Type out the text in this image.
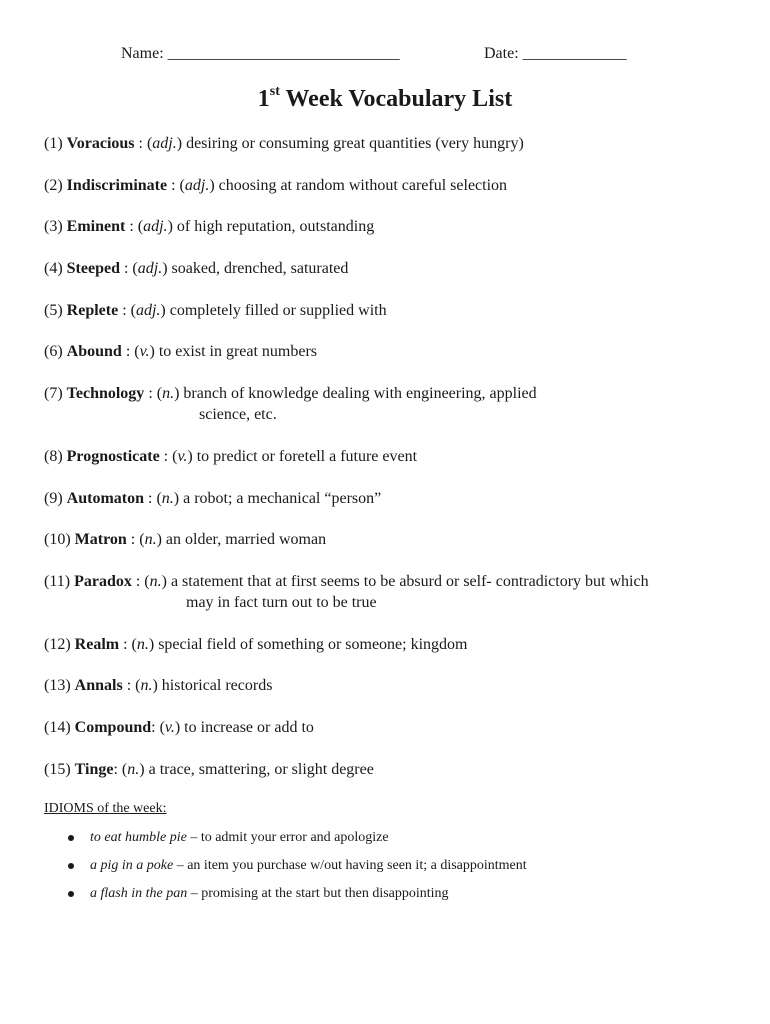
Name: _____________________________	Date: _____________
1st Week Vocabulary List
(1) Voracious : (adj.) desiring or consuming great quantities (very hungry)
(2) Indiscriminate : (adj.) choosing at random without careful selection
(3) Eminent : (adj.) of high reputation, outstanding
(4) Steeped : (adj.) soaked, drenched, saturated
(5) Replete : (adj.) completely filled or supplied with
(6) Abound : (v.) to exist in great numbers
(7) Technology : (n.) branch of knowledge dealing with engineering, applied
science, etc.
(8) Prognosticate : (v.) to predict or foretell a future event
(9) Automaton : (n.) a robot; a mechanical “person”
(10) Matron : (n.) an older, married woman
(11) Paradox : (n.) a statement that at first seems to be absurd or self- contradictory but which
may in fact turn out to be true
(12) Realm : (n.) special field of something or someone; kingdom
(13) Annals : (n.) historical records
(14) Compound: (v.) to increase or add to
(15) Tinge: (n.) a trace, smattering, or slight degree
IDIOMS of the week:
to eat humble pie – to admit your error and apologize
a pig in a poke – an item you purchase w/out having seen it; a disappointment
a flash in the pan – promising at the start but then disappointing
